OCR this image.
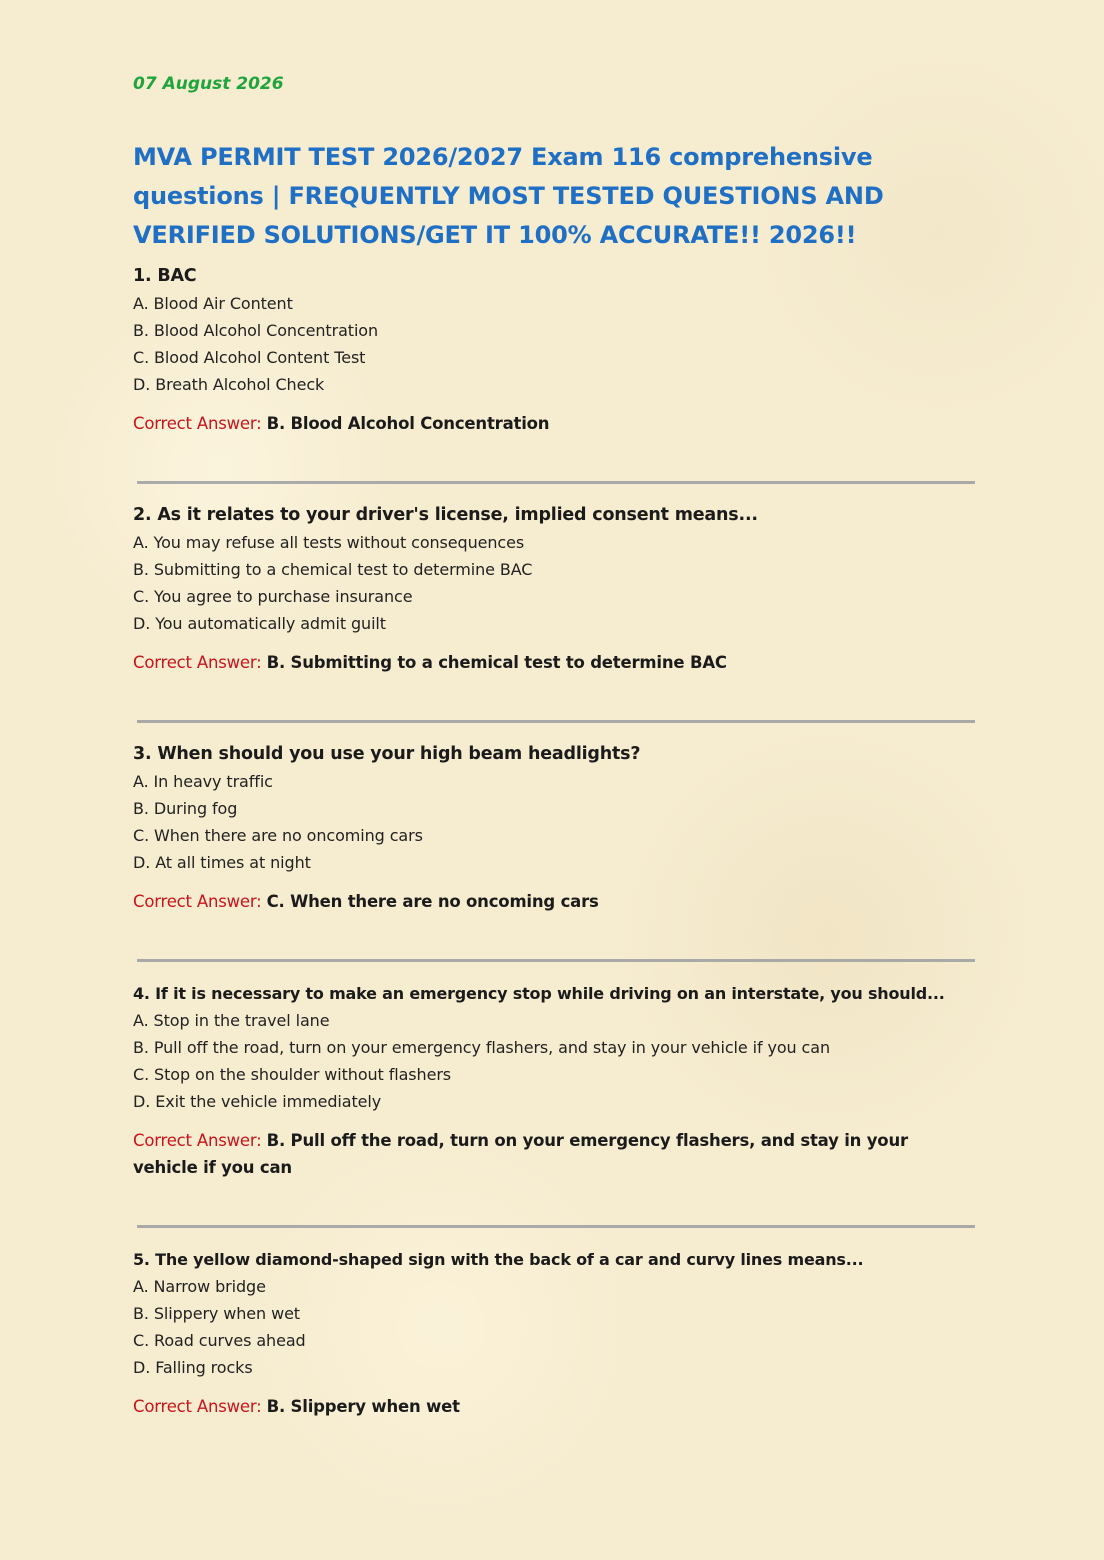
07 August 2026

MVA PERMIT TEST 2026/2027 Exam 116 comprehensive questions | FREQUENTLY MOST TESTED QUESTIONS AND VERIFIED SOLUTIONS/GET IT 100% ACCURATE!! 2026!!

1. BAC

A. Blood Air Content
B. Blood Alcohol Concentration
C. Blood Alcohol Content Test
D. Breath Alcohol Check

Correct Answer: B. Blood Alcohol Concentration

2. As it relates to your driver's license, implied consent means...

A. You may refuse all tests without consequences
B. Submitting to a chemical test to determine BAC
C. You agree to purchase insurance
D. You automatically admit guilt

Correct Answer: B. Submitting to a chemical test to determine BAC

3. When should you use your high beam headlights?

A. In heavy traffic
B. During fog
C. When there are no oncoming cars
D. At all times at night

Correct Answer: C. When there are no oncoming cars

4. If it is necessary to make an emergency stop while driving on an interstate, you should...

A. Stop in the travel lane
B. Pull off the road, turn on your emergency flashers, and stay in your vehicle if you can
C. Stop on the shoulder without flashers
D. Exit the vehicle immediately

Correct Answer: B. Pull off the road, turn on your emergency flashers, and stay in your vehicle if you can

5. The yellow diamond-shaped sign with the back of a car and curvy lines means...

A. Narrow bridge
B. Slippery when wet
C. Road curves ahead
D. Falling rocks

Correct Answer: B. Slippery when wet
